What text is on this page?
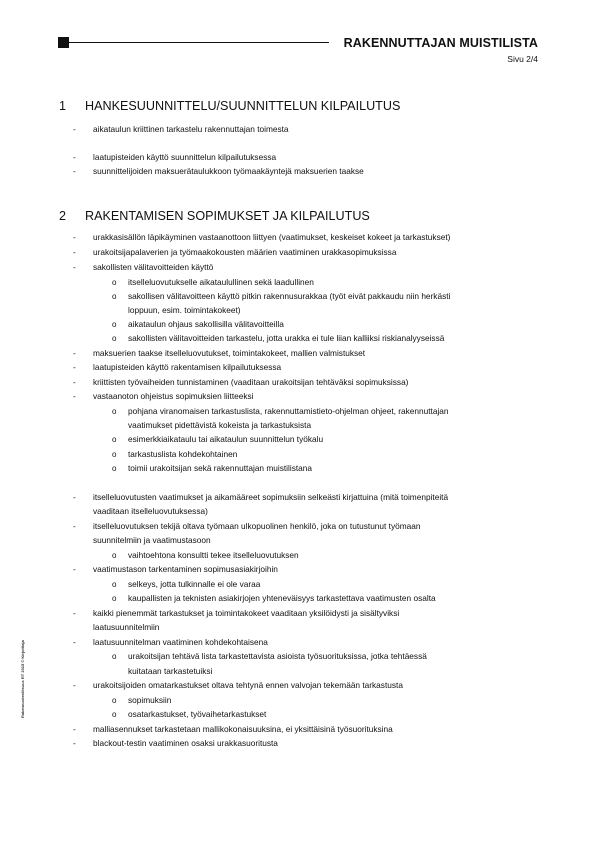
RAKENNUTTAJAN MUISTILISTA
Sivu 2/4
1 HANKESUUNNITTELU/SUUNNITTELUN KILPAILUTUS
- aikataulun kriittinen tarkastelu rakennuttajan toimesta
- laatupisteiden käyttö suunnittelun kilpailutuksessa
- suunnittelijoiden maksuerätaulukkoon työmaakäyntejä maksuerien taakse
2 RAKENTAMISEN SOPIMUKSET JA KILPAILUTUS
- urakkasisällön läpikäyminen vastaanottoon liittyen (vaatimukset, keskeiset kokeet ja tarkastukset)
- urakoitsijapalaverien ja työmaakokousten määrien vaatiminen urakkasopimuksissa
- sakollisten välitavoitteiden käyttö
o itselleluovutukselle aikataulullinen sekä laadullinen
o sakollisen välitavoitteen käyttö pitkin rakennusurakkaa (työt eivät pakkaudu niin herkästi
loppuun, esim. toimintakokeet)
o aikataulun ohjaus sakollisilla välitavoitteilla
o sakollisten välitavoitteiden tarkastelu, jotta urakka ei tule liian kalliiksi riskianalyyseissä
- maksuerien taakse itselleluovutukset, toimintakokeet, mallien valmistukset
- laatupisteiden käyttö rakentamisen kilpailutuksessa
- kriittisten työvaiheiden tunnistaminen (vaaditaan urakoitsijan tehtäväksi sopimuksissa)
- vastaanoton ohjeistus sopimuksien liitteeksi
o pohjana viranomaisen tarkastuslista, rakennuttamistieto-ohjelman ohjeet, rakennuttajan
vaatimukset pidettävistä kokeista ja tarkastuksista
o esimerkkiaikataulu tai aikataulun suunnittelun työkalu
o tarkastuslista kohdekohtainen
o toimii urakoitsijan sekä rakennuttajan muistilistana
- itselleluovutusten vaatimukset ja aikamääreet sopimuksiin selkeästi kirjattuina (mitä toimenpiteitä
vaaditaan itselleluovutuksessa)
- itselleluovutuksen tekijä oltava työmaan ulkopuolinen henkilö, joka on tutustunut työmaan
suunnitelmiin ja vaatimustasoon
o vaihtoehtona konsultti tekee itselleluovutuksen
- vaatimustason tarkentaminen sopimusasiakirjoihin
o selkeys, jotta tulkinnalle ei ole varaa
o kaupallisten ja teknisten asiakirjojen yhteneväisyys tarkastettava vaatimusten osalta
- kaikki pienemmät tarkastukset ja toimintakokeet vaaditaan yksilöidysti ja sisältyviksi
laatusuunnitelmiin
- laatusuunnitelman vaatiminen kohdekohtaisena
o urakoitsijan tehtävä lista tarkastettavista asioista työsuorituksissa, jotka tehtäessä
kuitataan tarkastetuiksi
- urakoitsijoiden omatarkastukset oltava tehtynä ennen valvojan tekemään tarkastusta
o sopimuksiin
o osatarkastukset, työvaihetarkastukset
- malliasennukset tarkastetaan mallikokonaisuuksina, ei yksittäisinä työsuorituksina
- blackout-testin vaatiminen osaksi urakkasuoritusta
Rakennusteollisuus RT 2015 © Kirjoittaja
